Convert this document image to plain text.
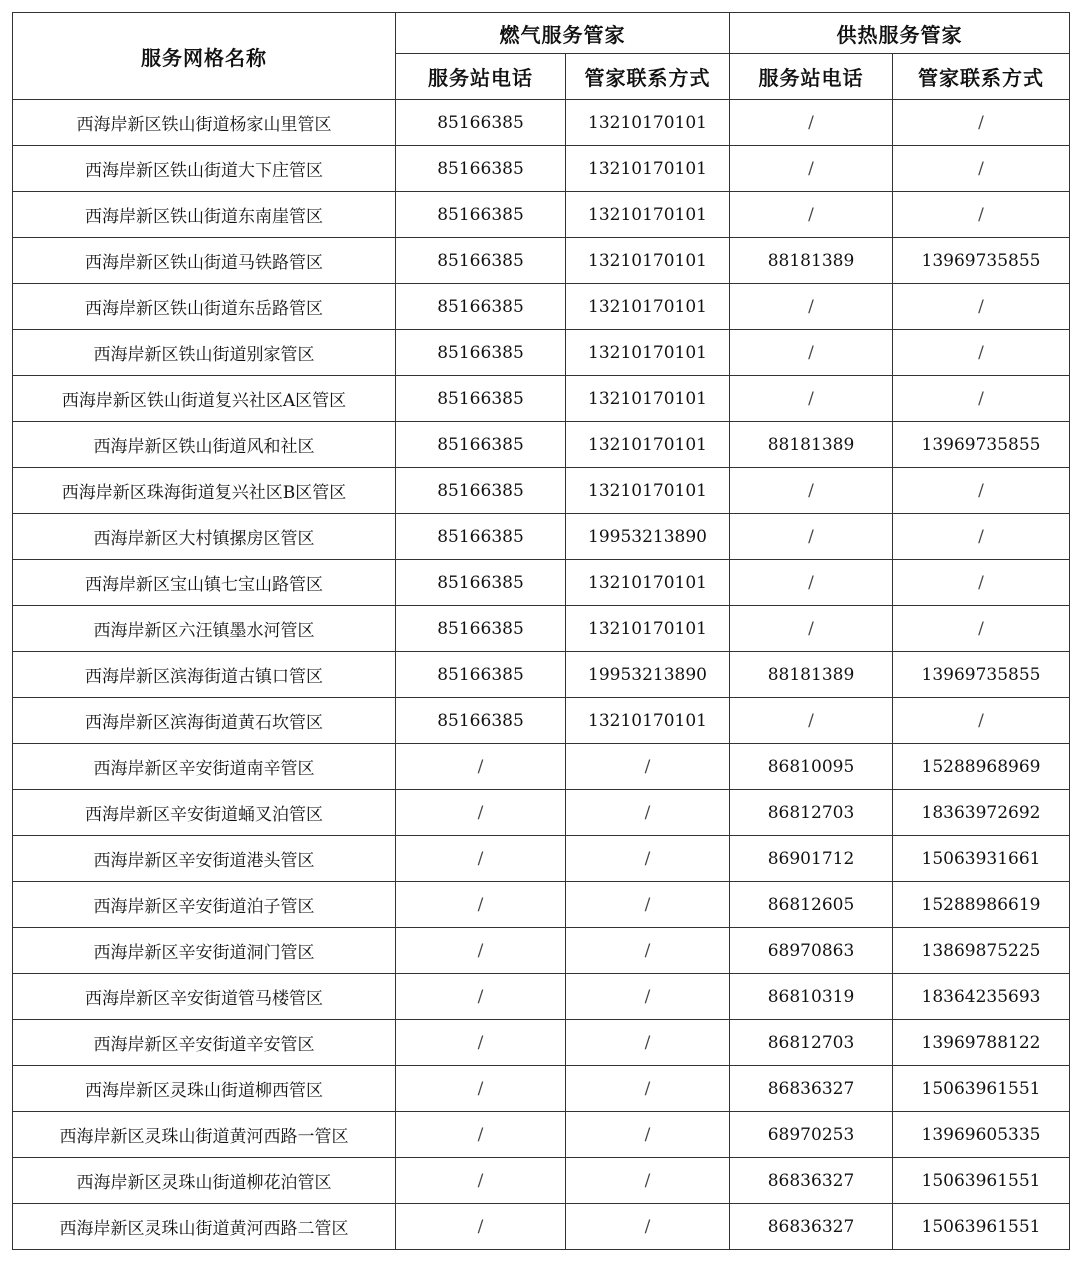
服务网格名称	燃气服务管家		供热服务管家	
	服务站电话	管家联系方式	服务站电话	管家联系方式
西海岸新区铁山街道杨家山里管区	85166385	13210170101	/	/
西海岸新区铁山街道大下庄管区	85166385	13210170101	/	/
西海岸新区铁山街道东南崖管区	85166385	13210170101	/	/
西海岸新区铁山街道马铁路管区	85166385	13210170101	88181389	13969735855
西海岸新区铁山街道东岳路管区	85166385	13210170101	/	/
西海岸新区铁山街道别家管区	85166385	13210170101	/	/
西海岸新区铁山街道复兴社区A区管区	85166385	13210170101	/	/
西海岸新区铁山街道风和社区	85166385	13210170101	88181389	13969735855
西海岸新区珠海街道复兴社区B区管区	85166385	13210170101	/	/
西海岸新区大村镇摞房区管区	85166385	19953213890	/	/
西海岸新区宝山镇七宝山路管区	85166385	13210170101	/	/
西海岸新区六汪镇墨水河管区	85166385	13210170101	/	/
西海岸新区滨海街道古镇口管区	85166385	19953213890	88181389	13969735855
西海岸新区滨海街道黄石坎管区	85166385	13210170101	/	/
西海岸新区辛安街道南辛管区	/	/	86810095	15288968969
西海岸新区辛安街道蛹叉泊管区	/	/	86812703	18363972692
西海岸新区辛安街道港头管区	/	/	86901712	15063931661
西海岸新区辛安街道泊子管区	/	/	86812605	15288986619
西海岸新区辛安街道洞门管区	/	/	68970863	13869875225
西海岸新区辛安街道管马楼管区	/	/	86810319	18364235693
西海岸新区辛安街道辛安管区	/	/	86812703	13969788122
西海岸新区灵珠山街道柳西管区	/	/	86836327	15063961551
西海岸新区灵珠山街道黄河西路一管区	/	/	68970253	13969605335
西海岸新区灵珠山街道柳花泊管区	/	/	86836327	15063961551
西海岸新区灵珠山街道黄河西路二管区	/	/	86836327	15063961551
